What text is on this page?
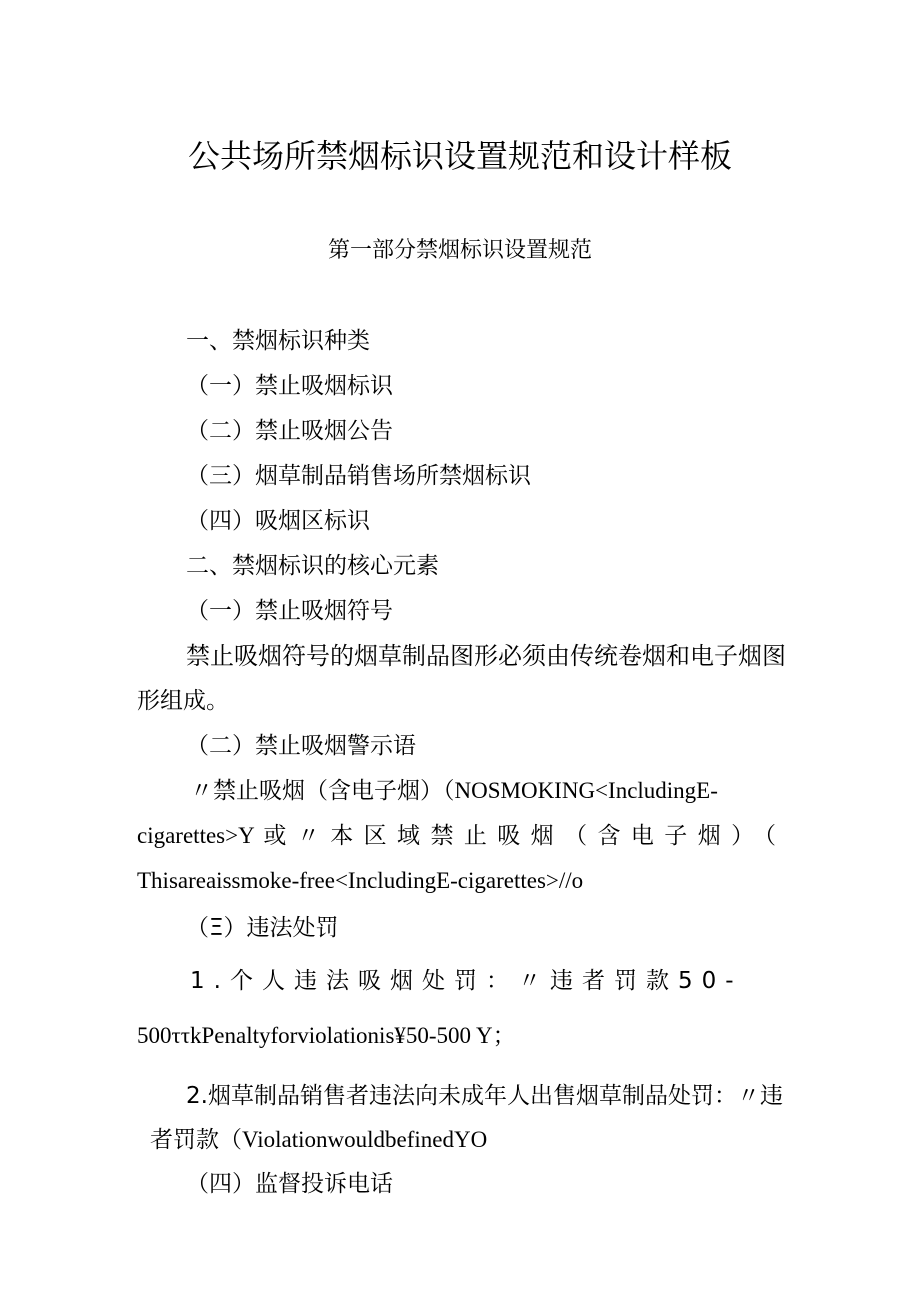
公共场所禁烟标识设置规范和设计样板
第一部分禁烟标识设置规范
一、禁烟标识种类
（一）禁止吸烟标识
（二）禁止吸烟公告
（三）烟草制品销售场所禁烟标识
（四）吸烟区标识
二、禁烟标识的核心元素
（一）禁止吸烟符号
禁止吸烟符号的烟草制品图形必须由传统卷烟和电子烟图
形组成。
（二）禁止吸烟警示语
〃禁止吸烟（含电子烟）（NOSMOKING<IncludingE-
cigarettes>Y 或〃本区域禁止吸烟（含电子烟）（
Thisareaissmoke-free<IncludingE-cigarettes>//o
（Ξ）违法处罚
1.个人违法吸烟处罚：〃违者罚款50-
500ττkPenaltyforviolationis¥50-500 Y；
2.烟草制品销售者违法向未成年人出售烟草制品处罚：〃违
者罚款（ViolationwouldbefinedYO
（四）监督投诉电话
